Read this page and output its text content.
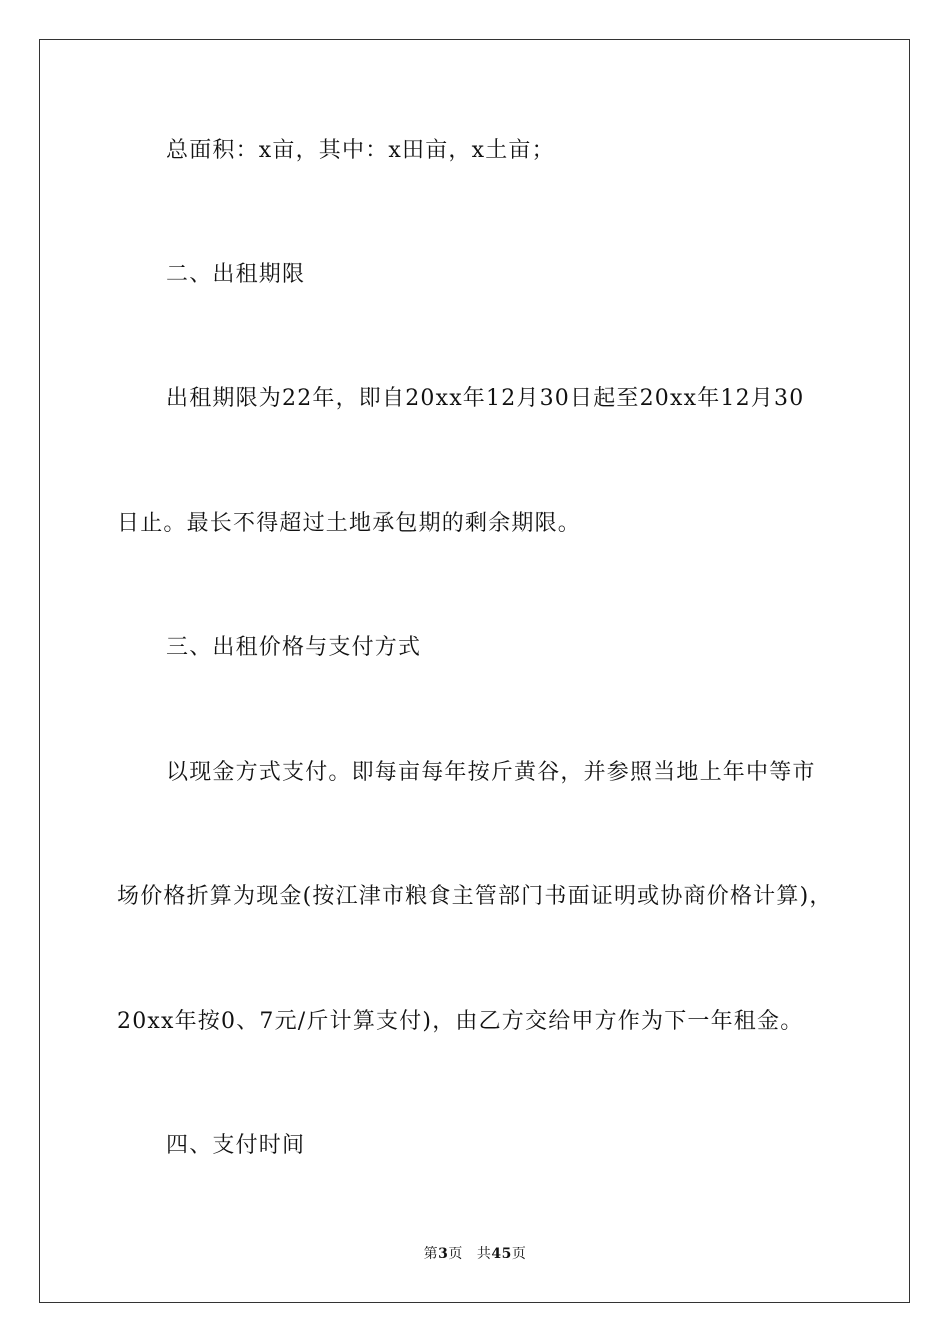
总面积：x亩，其中：x田亩，x土亩；
二、出租期限
出租期限为22年，即自20xx年12月30日起至20xx年12月30
日止。最长不得超过土地承包期的剩余期限。
三、出租价格与支付方式
以现金方式支付。即每亩每年按斤黄谷，并参照当地上年中等市
场价格折算为现金(按江津市粮食主管部门书面证明或协商价格计算)，
20xx年按0、7元/斤计算支付)，由乙方交给甲方作为下一年租金。
四、支付时间
第3页 共45页
